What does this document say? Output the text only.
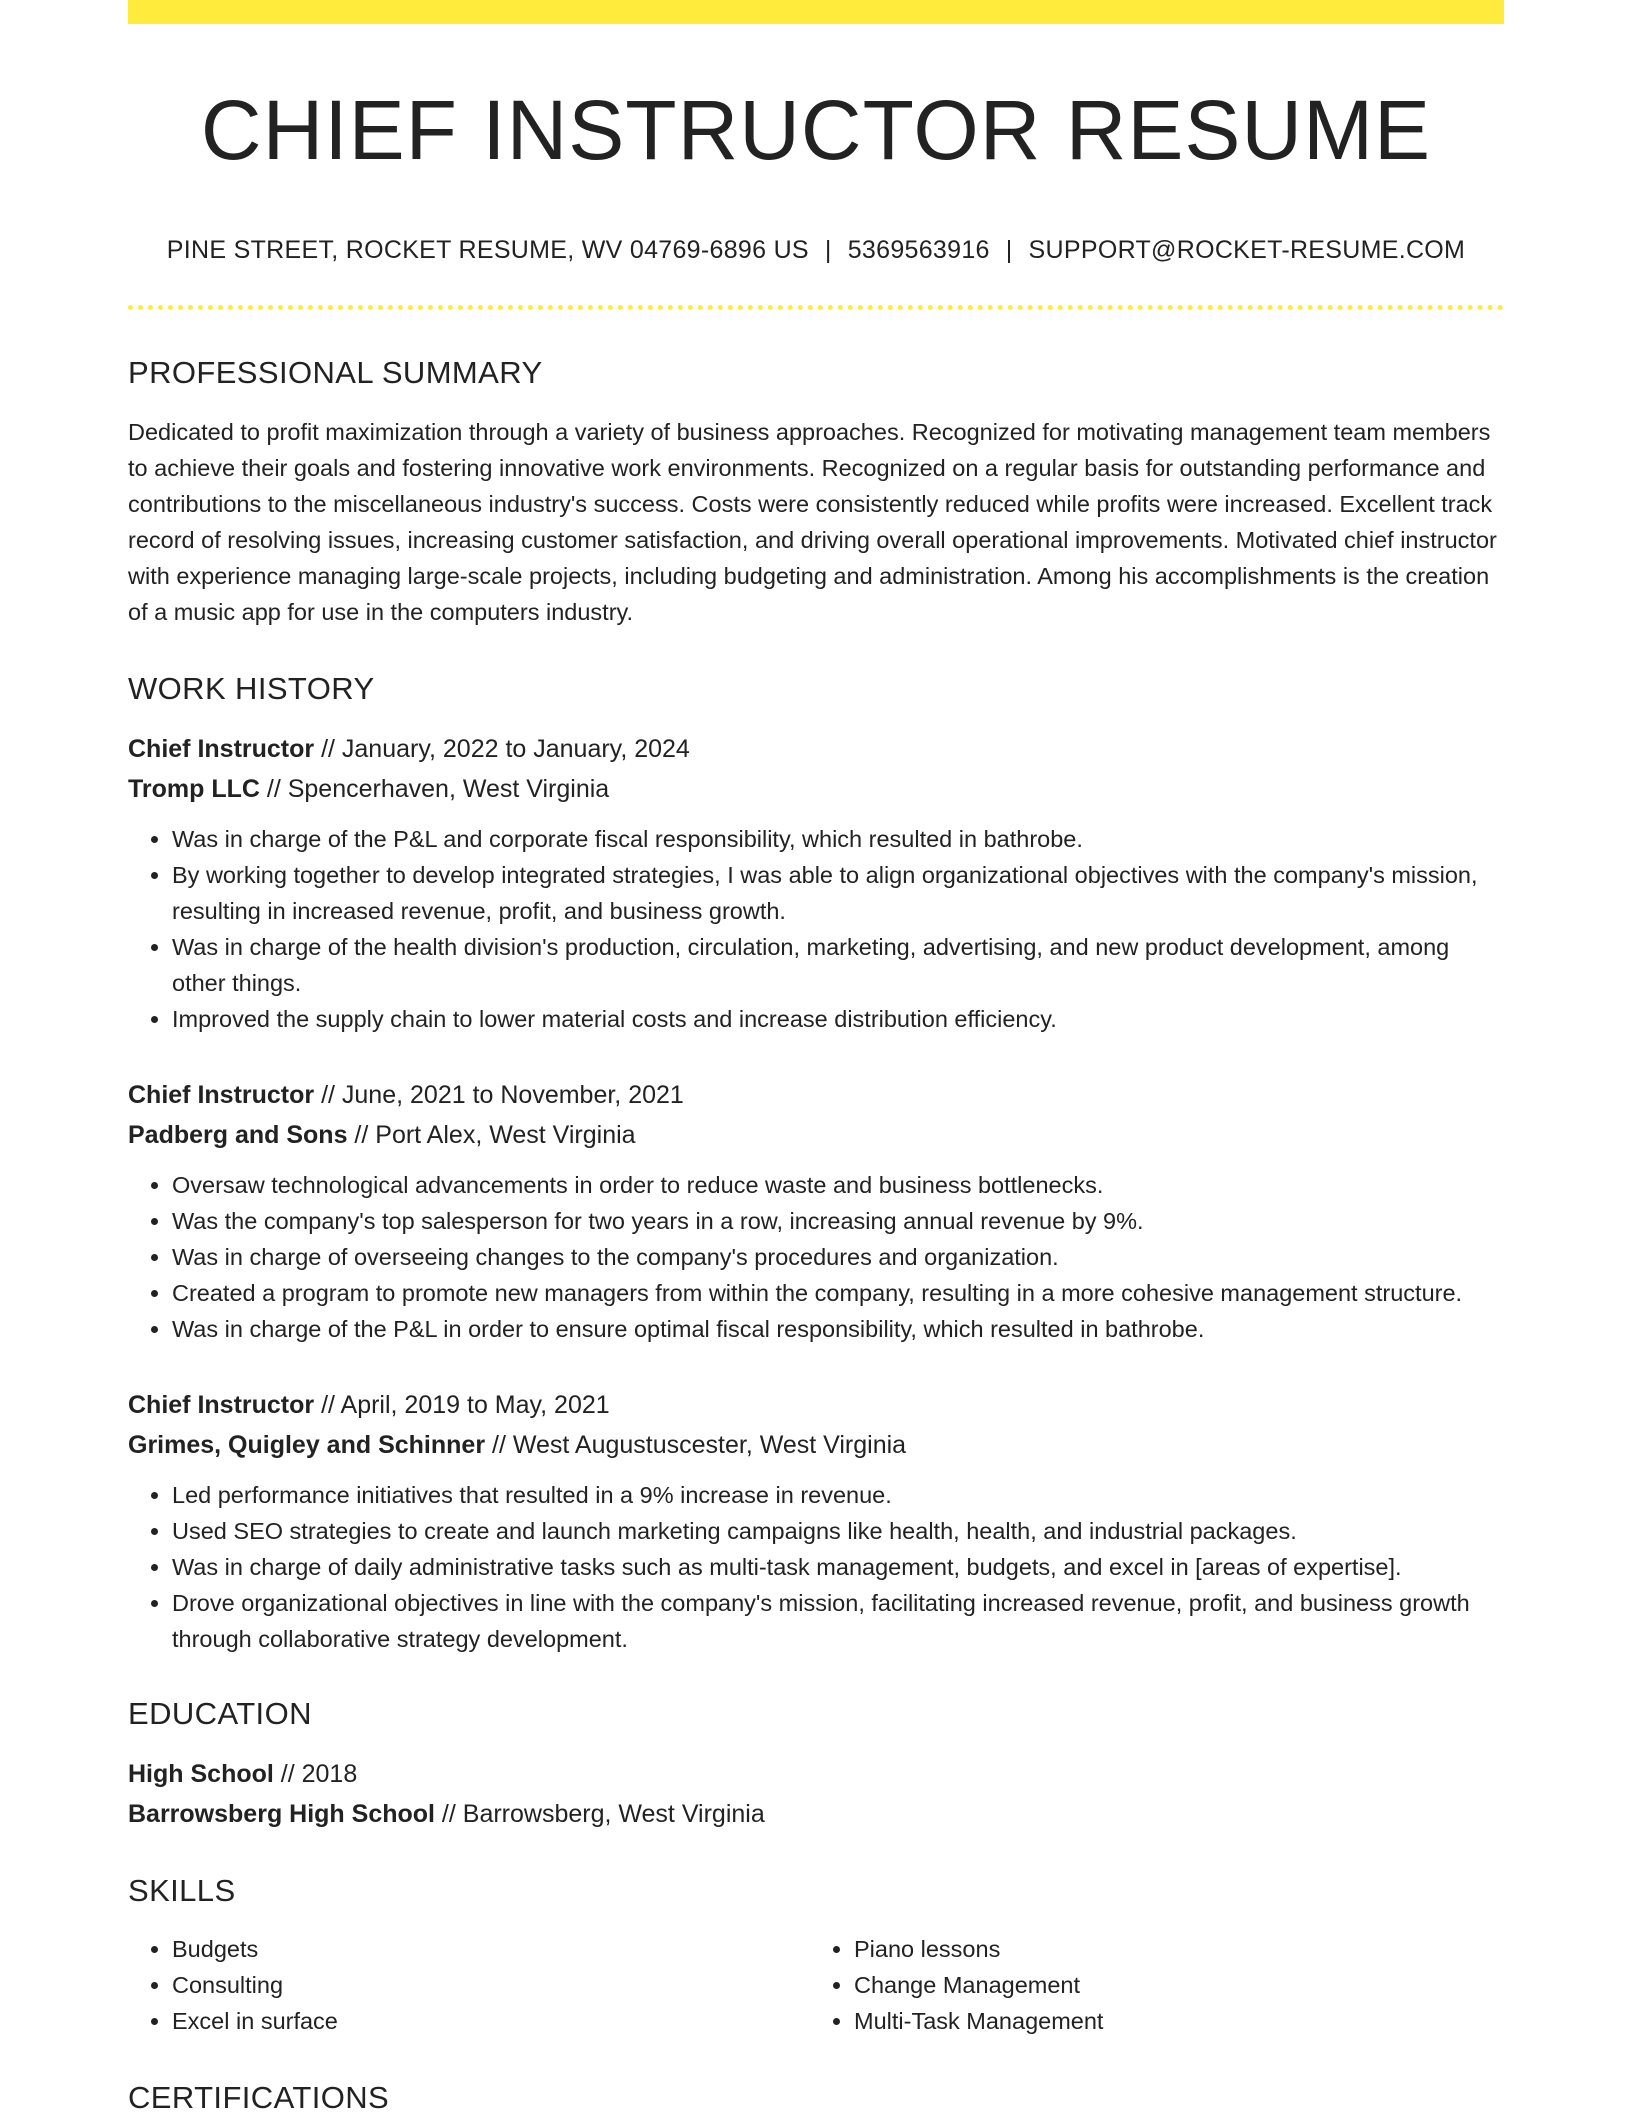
CHIEF INSTRUCTOR RESUME
PINE STREET, ROCKET RESUME, WV 04769-6896 US | 5369563916 | SUPPORT@ROCKET-RESUME.COM
PROFESSIONAL SUMMARY
Dedicated to profit maximization through a variety of business approaches. Recognized for motivating management team members to achieve their goals and fostering innovative work environments. Recognized on a regular basis for outstanding performance and contributions to the miscellaneous industry's success. Costs were consistently reduced while profits were increased. Excellent track record of resolving issues, increasing customer satisfaction, and driving overall operational improvements. Motivated chief instructor with experience managing large-scale projects, including budgeting and administration. Among his accomplishments is the creation of a music app for use in the computers industry.
WORK HISTORY
Chief Instructor // January, 2022 to January, 2024
Tromp LLC // Spencerhaven, West Virginia
• Was in charge of the P&L and corporate fiscal responsibility, which resulted in bathrobe.
• By working together to develop integrated strategies, I was able to align organizational objectives with the company's mission, resulting in increased revenue, profit, and business growth.
• Was in charge of the health division's production, circulation, marketing, advertising, and new product development, among other things.
• Improved the supply chain to lower material costs and increase distribution efficiency.
Chief Instructor // June, 2021 to November, 2021
Padberg and Sons // Port Alex, West Virginia
• Oversaw technological advancements in order to reduce waste and business bottlenecks.
• Was the company's top salesperson for two years in a row, increasing annual revenue by 9%.
• Was in charge of overseeing changes to the company's procedures and organization.
• Created a program to promote new managers from within the company, resulting in a more cohesive management structure.
• Was in charge of the P&L in order to ensure optimal fiscal responsibility, which resulted in bathrobe.
Chief Instructor // April, 2019 to May, 2021
Grimes, Quigley and Schinner // West Augustuscester, West Virginia
• Led performance initiatives that resulted in a 9% increase in revenue.
• Used SEO strategies to create and launch marketing campaigns like health, health, and industrial packages.
• Was in charge of daily administrative tasks such as multi-task management, budgets, and excel in [areas of expertise].
• Drove organizational objectives in line with the company's mission, facilitating increased revenue, profit, and business growth through collaborative strategy development.
EDUCATION
High School // 2018
Barrowsberg High School // Barrowsberg, West Virginia
SKILLS
• Budgets
• Consulting
• Excel in surface
• Piano lessons
• Change Management
• Multi-Task Management
CERTIFICATIONS
